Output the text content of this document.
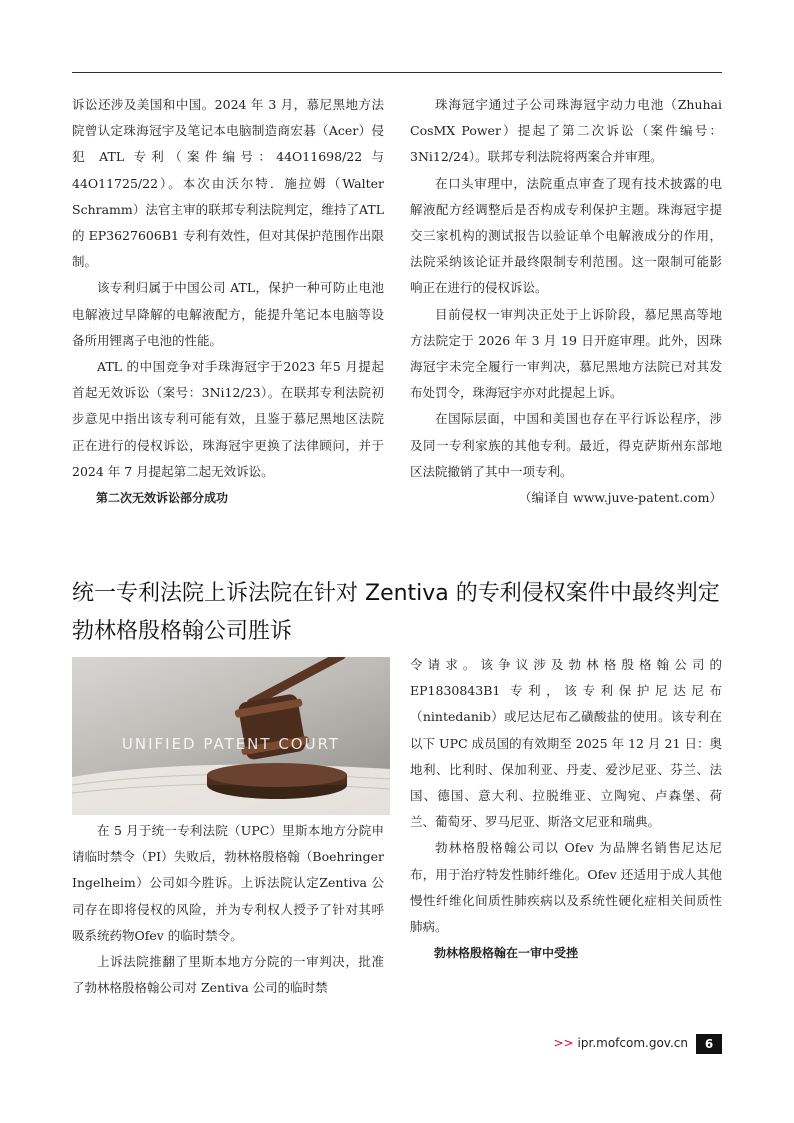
诉讼还涉及美国和中国。2024 年 3 月，慕尼黑地方法院曾认定珠海冠宇及笔记本电脑制造商宏碁（Acer）侵犯 ATL 专利（案件编号：44O11698/22 与 44O11725/22）。本次由沃尔特．施拉姆（Walter Schramm）法官主审的联邦专利法院判定，维持了ATL 的 EP3627606B1 专利有效性，但对其保护范围作出限制。

该专利归属于中国公司 ATL，保护一种可防止电池电解液过早降解的电解液配方，能提升笔记本电脑等设备所用锂离子电池的性能。

ATL 的中国竞争对手珠海冠宇于2023 年5 月提起首起无效诉讼（案号：3Ni12/23）。在联邦专利法院初步意见中指出该专利可能有效，且鉴于慕尼黑地区法院正在进行的侵权诉讼，珠海冠宇更换了法律顾问，并于 2024 年 7 月提起第二起无效诉讼。

第二次无效诉讼部分成功

珠海冠宇通过子公司珠海冠宇动力电池（Zhuhai CosMX Power）提起了第二次诉讼（案件编号：3Ni12/24）。联邦专利法院将两案合并审理。

在口头审理中，法院重点审查了现有技术披露的电解液配方经调整后是否构成专利保护主题。珠海冠宇提交三家机构的测试报告以验证单个电解液成分的作用，法院采纳该论证并最终限制专利范围。这一限制可能影响正在进行的侵权诉讼。

目前侵权一审判决正处于上诉阶段，慕尼黑高等地方法院定于 2026 年 3 月 19 日开庭审理。此外，因珠海冠宇未完全履行一审判决，慕尼黑地方法院已对其发布处罚令，珠海冠宇亦对此提起上诉。

在国际层面，中国和美国也存在平行诉讼程序，涉及同一专利家族的其他专利。最近，得克萨斯州东部地区法院撤销了其中一项专利。

（编译自 www.juve-patent.com）

统一专利法院上诉法院在针对 Zentiva 的专利侵权案件中最终判定勃林格殷格翰公司胜诉
UNIFIED PATENT COURT

在 5 月于统一专利法院（UPC）里斯本地方分院申请临时禁令（PI）失败后，勃林格殷格翰（Boehringer Ingelheim）公司如今胜诉。上诉法院认定Zentiva 公司存在即将侵权的风险，并为专利权人授予了针对其呼吸系统药物Ofev 的临时禁令。

上诉法院推翻了里斯本地方分院的一审判决，批准了勃林格殷格翰公司对 Zentiva 公司的临时禁

令请求。该争议涉及勃林格殷格翰公司的EP1830843B1 专利，该专利保护尼达尼布（nintedanib）或尼达尼布乙磺酸盐的使用。该专利在以下 UPC 成员国的有效期至 2025 年 12 月 21 日：奥地利、比利时、保加利亚、丹麦、爱沙尼亚、芬兰、法国、德国、意大利、拉脱维亚、立陶宛、卢森堡、荷兰、葡萄牙、罗马尼亚、斯洛文尼亚和瑞典。

勃林格殷格翰公司以 Ofev 为品牌名销售尼达尼布，用于治疗特发性肺纤维化。Ofev 还适用于成人其他慢性纤维化间质性肺疾病以及系统性硬化症相关间质性肺病。

勃林格殷格翰在一审中受挫

>> ipr.mofcom.gov.cn	6
